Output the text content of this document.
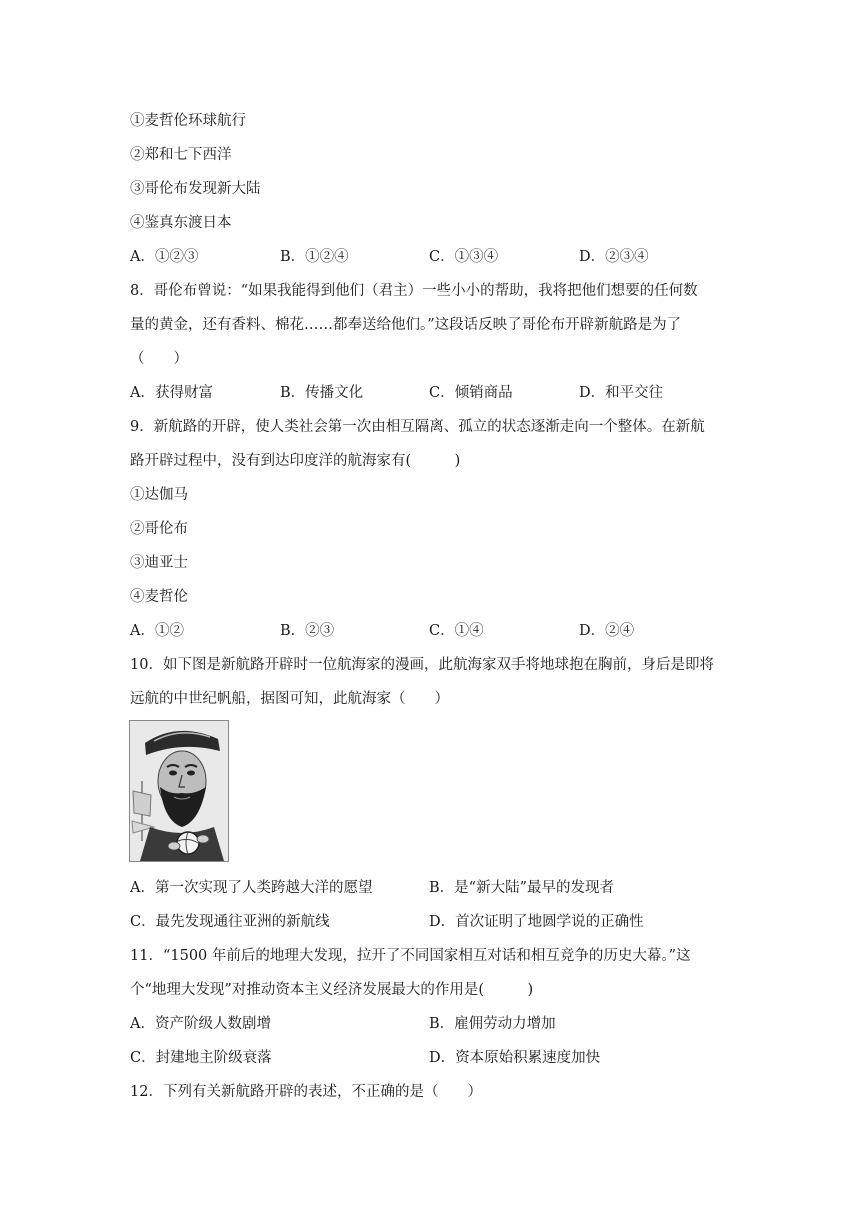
①麦哲伦环球航行
②郑和七下西洋
③哥伦布发现新大陆
④鉴真东渡日本
A．①②③	B．①②④	C．①③④	D．②③④
8．哥伦布曾说：“如果我能得到他们（君主）一些小小的帮助，我将把他们想要的任何数
量的黄金，还有香料、棉花……都奉送给他们。”这段话反映了哥伦布开辟新航路是为了
（　　）
A．获得财富	B．传播文化	C．倾销商品	D．和平交往
9．新航路的开辟，使人类社会第一次由相互隔离、孤立的状态逐渐走向一个整体。在新航
路开辟过程中，没有到达印度洋的航海家有(　　　)
①达伽马
②哥伦布
③迪亚士
④麦哲伦
A．①②	B．②③	C．①④	D．②④
10．如下图是新航路开辟时一位航海家的漫画，此航海家双手将地球抱在胸前，身后是即将
远航的中世纪帆船，据图可知，此航海家（　　）
A．第一次实现了人类跨越大洋的愿望	B．是“新大陆”最早的发现者
C．最先发现通往亚洲的新航线	D．首次证明了地圆学说的正确性
11．“1500 年前后的地理大发现，拉开了不同国家相互对话和相互竞争的历史大幕。”这
个“地理大发现”对推动资本主义经济发展最大的作用是(　　　)
A．资产阶级人数剧增	B．雇佣劳动力增加
C．封建地主阶级衰落	D．资本原始积累速度加快
12．下列有关新航路开辟的表述，不正确的是（　　）
